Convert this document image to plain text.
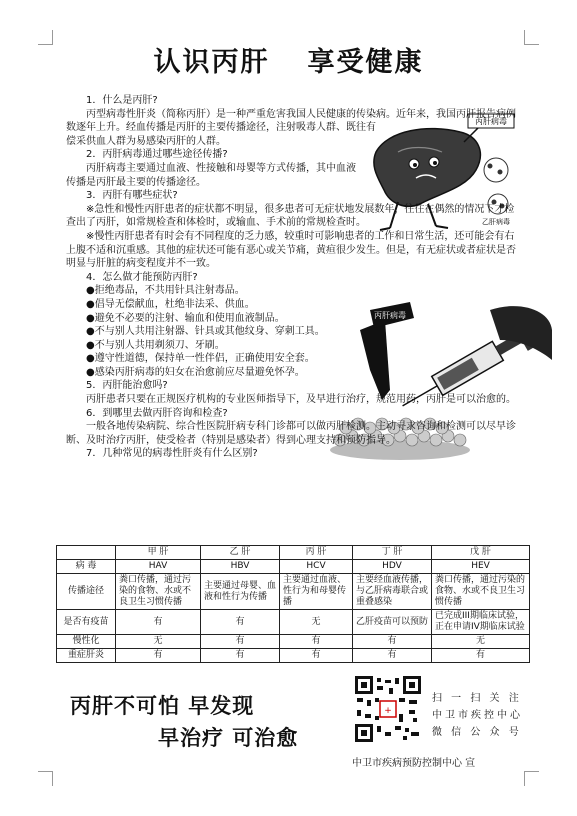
认识丙肝 享受健康
丙肝病毒
乙肝病毒
丙肝病毒

1．什么是丙肝?

丙型病毒性肝炎（简称丙肝）是一种严重危害我国人民健康的传染病。近年来，我国丙肝报告病例数逐年上升。经血传播是丙肝的主要传播途径，注射吸毒人群、既往有

偿采供血人群为易感染丙肝的人群。

2．丙肝病毒通过哪些途径传播?

丙肝病毒主要通过血液、性接触和母婴等方式传播，其中血液传播是丙肝最主要的传播途径。

3．丙肝有哪些症状?

※急性和慢性丙肝患者的症状都不明显，很多患者可无症状地发展数年，往往在偶然的情况下才检查出了丙肝，如常规检查和体检时，或输血、手术前的常规检查时。

※慢性丙肝患者有时会有不同程度的乏力感，较重时可影响患者的工作和日常生活，还可能会有右上腹不适和沉重感。其他的症状还可能有恶心或关节痛，黄疸很少发生。但是，有无症状或者症状是否明显与肝脏的病变程度并不一致。

4．怎么做才能预防丙肝?

●拒绝毒品，不共用针具注射毒品。

●倡导无偿献血，杜绝非法采、供血。

●避免不必要的注射、输血和使用血液制品。

●不与别人共用注射器、针具或其他纹身、穿刺工具。

●不与别人共用剃须刀、牙刷。

●遵守性道德，保持单一性伴侣，正确使用安全套。

●感染丙肝病毒的妇女在治愈前应尽量避免怀孕。

5．丙肝能治愈吗?

丙肝患者只要在正规医疗机构的专业医师指导下，及早进行治疗，规范用药，丙肝是可以治愈的。

6．到哪里去做丙肝咨询和检查?

一般各地传染病院、综合性医院肝病专科门诊都可以做丙肝检测。主动寻求咨询和检测可以尽早诊断、及时治疗丙肝，使受检者（特别是感染者）得到心理支持和预防指导。

7．几种常见的病毒性肝炎有什么区别?

	甲 肝	乙 肝	丙 肝	丁 肝	戊 肝
病 毒	HAV	HBV	HCV	HDV	HEV
传播途径	粪口传播，通过污染的食物、水或不良卫生习惯传播	主要通过母婴、血液和性行为传播	主要通过血液、性行为和母婴传播	主要经血液传播，与乙肝病毒联合或重叠感染	粪口传播，通过污染的食物、水或不良卫生习惯传播
是否有疫苗	有	有	无	乙肝疫苗可以预防	已完成III期临床试验，正在申请IV期临床试验
慢性化	无	有	有	有	无
重症肝炎	有	有	有	有	有
丙肝不可怕 早发现
早治疗 可治愈
+
扫 一 扫 关 注
中卫市疾控中心
微 信 公 众 号
中卫市疾病预防控制中心 宣
